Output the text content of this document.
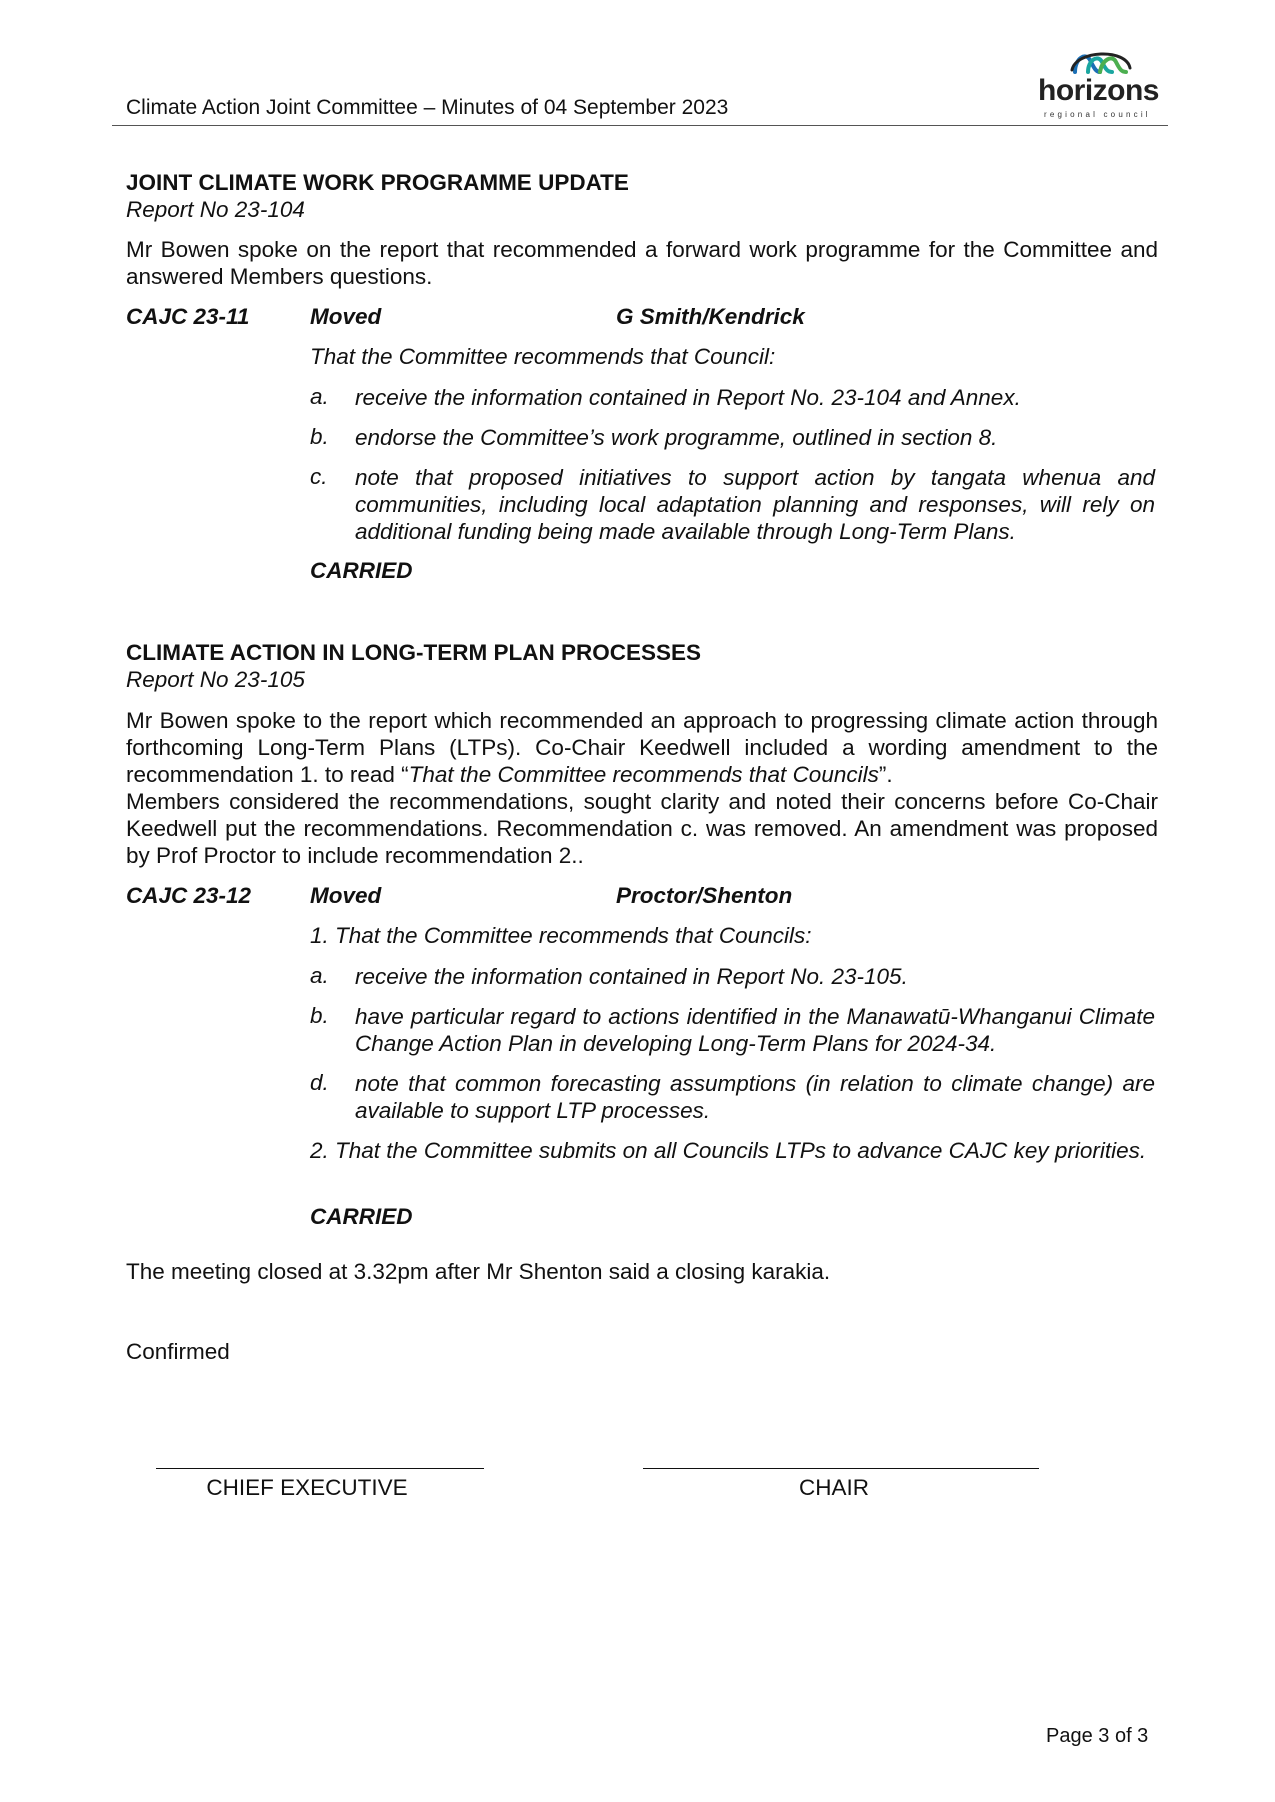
Climate Action Joint Committee – Minutes of 04 September 2023
horizons
regional council
JOINT CLIMATE WORK PROGRAMME UPDATE
Report No 23-104
Mr Bowen spoke on the report that recommended a forward work programme for the Committee and answered Members questions.
CAJC 23-11	Moved	G Smith/Kendrick
That the Committee recommends that Council:
a. receive the information contained in Report No. 23-104 and Annex.
b. endorse the Committee’s work programme, outlined in section 8.
c. note that proposed initiatives to support action by tangata whenua and communities, including local adaptation planning and responses, will rely on additional funding being made available through Long-Term Plans.
CARRIED
CLIMATE ACTION IN LONG-TERM PLAN PROCESSES
Report No 23-105
Mr Bowen spoke to the report which recommended an approach to progressing climate action through forthcoming Long-Term Plans (LTPs). Co-Chair Keedwell included a wording amendment to the recommendation 1. to read “That the Committee recommends that Councils”.
Members considered the recommendations, sought clarity and noted their concerns before Co-Chair Keedwell put the recommendations. Recommendation c. was removed. An amendment was proposed by Prof Proctor to include recommendation 2..
CAJC 23-12	Moved	Proctor/Shenton
1. That the Committee recommends that Councils:
a. receive the information contained in Report No. 23-105.
b. have particular regard to actions identified in the Manawatū-Whanganui Climate Change Action Plan in developing Long-Term Plans for 2024-34.
d. note that common forecasting assumptions (in relation to climate change) are available to support LTP processes.
2. That the Committee submits on all Councils LTPs to advance CAJC key priorities.
CARRIED
The meeting closed at 3.32pm after Mr Shenton said a closing karakia.
Confirmed
CHIEF EXECUTIVE	CHAIR
Page 3 of 3
